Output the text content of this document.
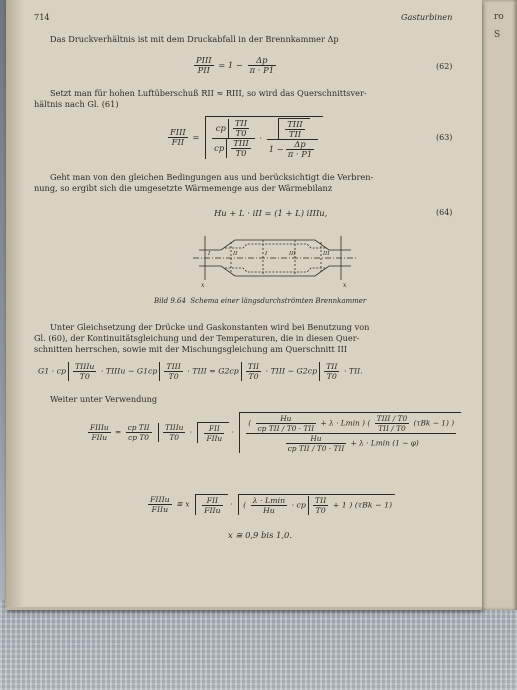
ro
S
714	Gasturbinen
Das Druckverhältnis ist mit dem Druckabfall in der Brennkammer Δp
$\frac{\text{PIII}}{\text{PII}} = 1 - \frac{\Delta p}{\pi \cdot P1}$	(62)
Setzt man für hohen Luftüberschuß RII ≈ RIII, so wird das Querschnittsver-
hältnis nach Gl. (61)
$\frac{\text{FIII}}{\text{FII}} = \frac{cp \frac{\text{TII}}{T0}}{cp \frac{\text{TIII}}{T0}} \cdot \frac{\frac{\text{TIII}}{\text{TII}}}{1 - \frac{\Delta p}{\pi \cdot P1}}$	(63)
Geht man von den gleichen Bedingungen aus und berücksichtigt die Verbren-
nung, so ergibt sich die umgesetzte Wärmemenge aus der Wärmebilanz
Hu + L · iII = (1 + L) iIIIu,	(64)
I	II	III
I	III
x	x
Bild 9.64 Schema einer längsdurchströmten Brennkammer
Unter Gleichsetzung der Drücke und Gaskonstanten wird bei Benutzung von
Gl. (60), der Kontinuitätsgleichung und der Temperaturen, die in diesen Quer-
schnitten herrschen, sowie mit der Mischungsgleichung am Querschnitt III
G1 · cp $\frac{\text{TIIIu}}{T0}$ · TIIIu − $G1cp \frac{\text{TIII}}{T0}$ · TIII = $G2cp \frac{\text{TII}}{T0}$ · TIII − $G2cp \frac{\text{TII}}{T0}$ · TII.
Weiter unter Verwendung
$\frac{\text{FIIIu}}{\text{FIIu}} = \frac{\text{cp TII}}{\text{cp T0}}$
$\frac{\text{TIIIu}}{T0} \cdot \frac{\text{FII}}{\text{FIIu}}$ ·
( $\frac{Hu}{\text{cp TII / T0 · TII}} + \lambda \cdot Lmin$ ) ( $\frac{\text{TIII / T0}}{\text{TII / T0}} (\tau Bk - 1)$ )
$\frac{Hu}{\text{cp TII / T0 · TII}} + \lambda \cdot Lmin$ (1 − φ)
$\frac{\text{FIIIu}}{\text{FIIu}}$ ≅ x $\frac{\text{FII}}{\text{FIIu}}$ · ( $\frac{\lambda \cdot Lmin}{Hu}$ · cp $\frac{\text{TII}}{T0} + 1$ ) (τBk − 1)
x ≅ 0,9 bis 1,0.
